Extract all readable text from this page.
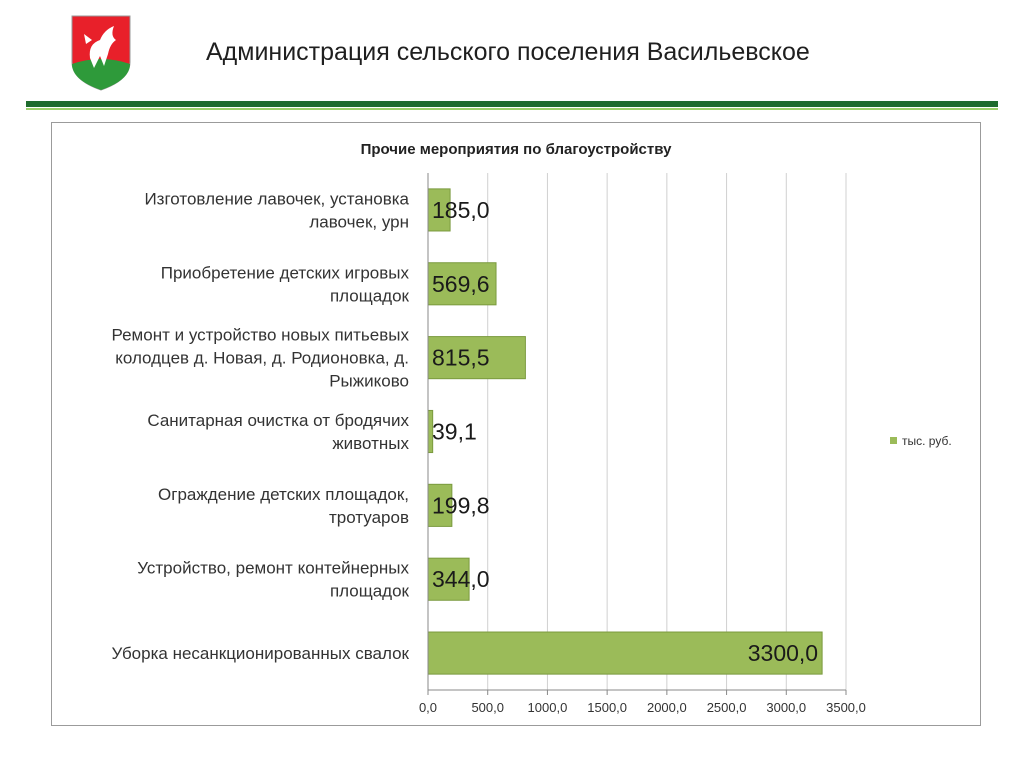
Администрация сельского поселения Васильевское
Изготовление лавочек, установка лавочек, урн
Приобретение детских игровых площадок
Ремонт и устройство новых питьевых колодцев д. Новая, д. Родионовка, д. Рыжиково
Санитарная очистка от бродячих животных
Ограждение детских площадок, тротуаров
Устройство, ремонт контейнерных площадок
Уборка несанкционированных свалок
185,0
569,6
815,5
39,1
199,8
344,0
3300,0
0,0	500,0 1000,0 1500,0 2000,0 2500,0 3000,0 3500,0
Прочие мероприятия по благоустройству
тыс. руб.
